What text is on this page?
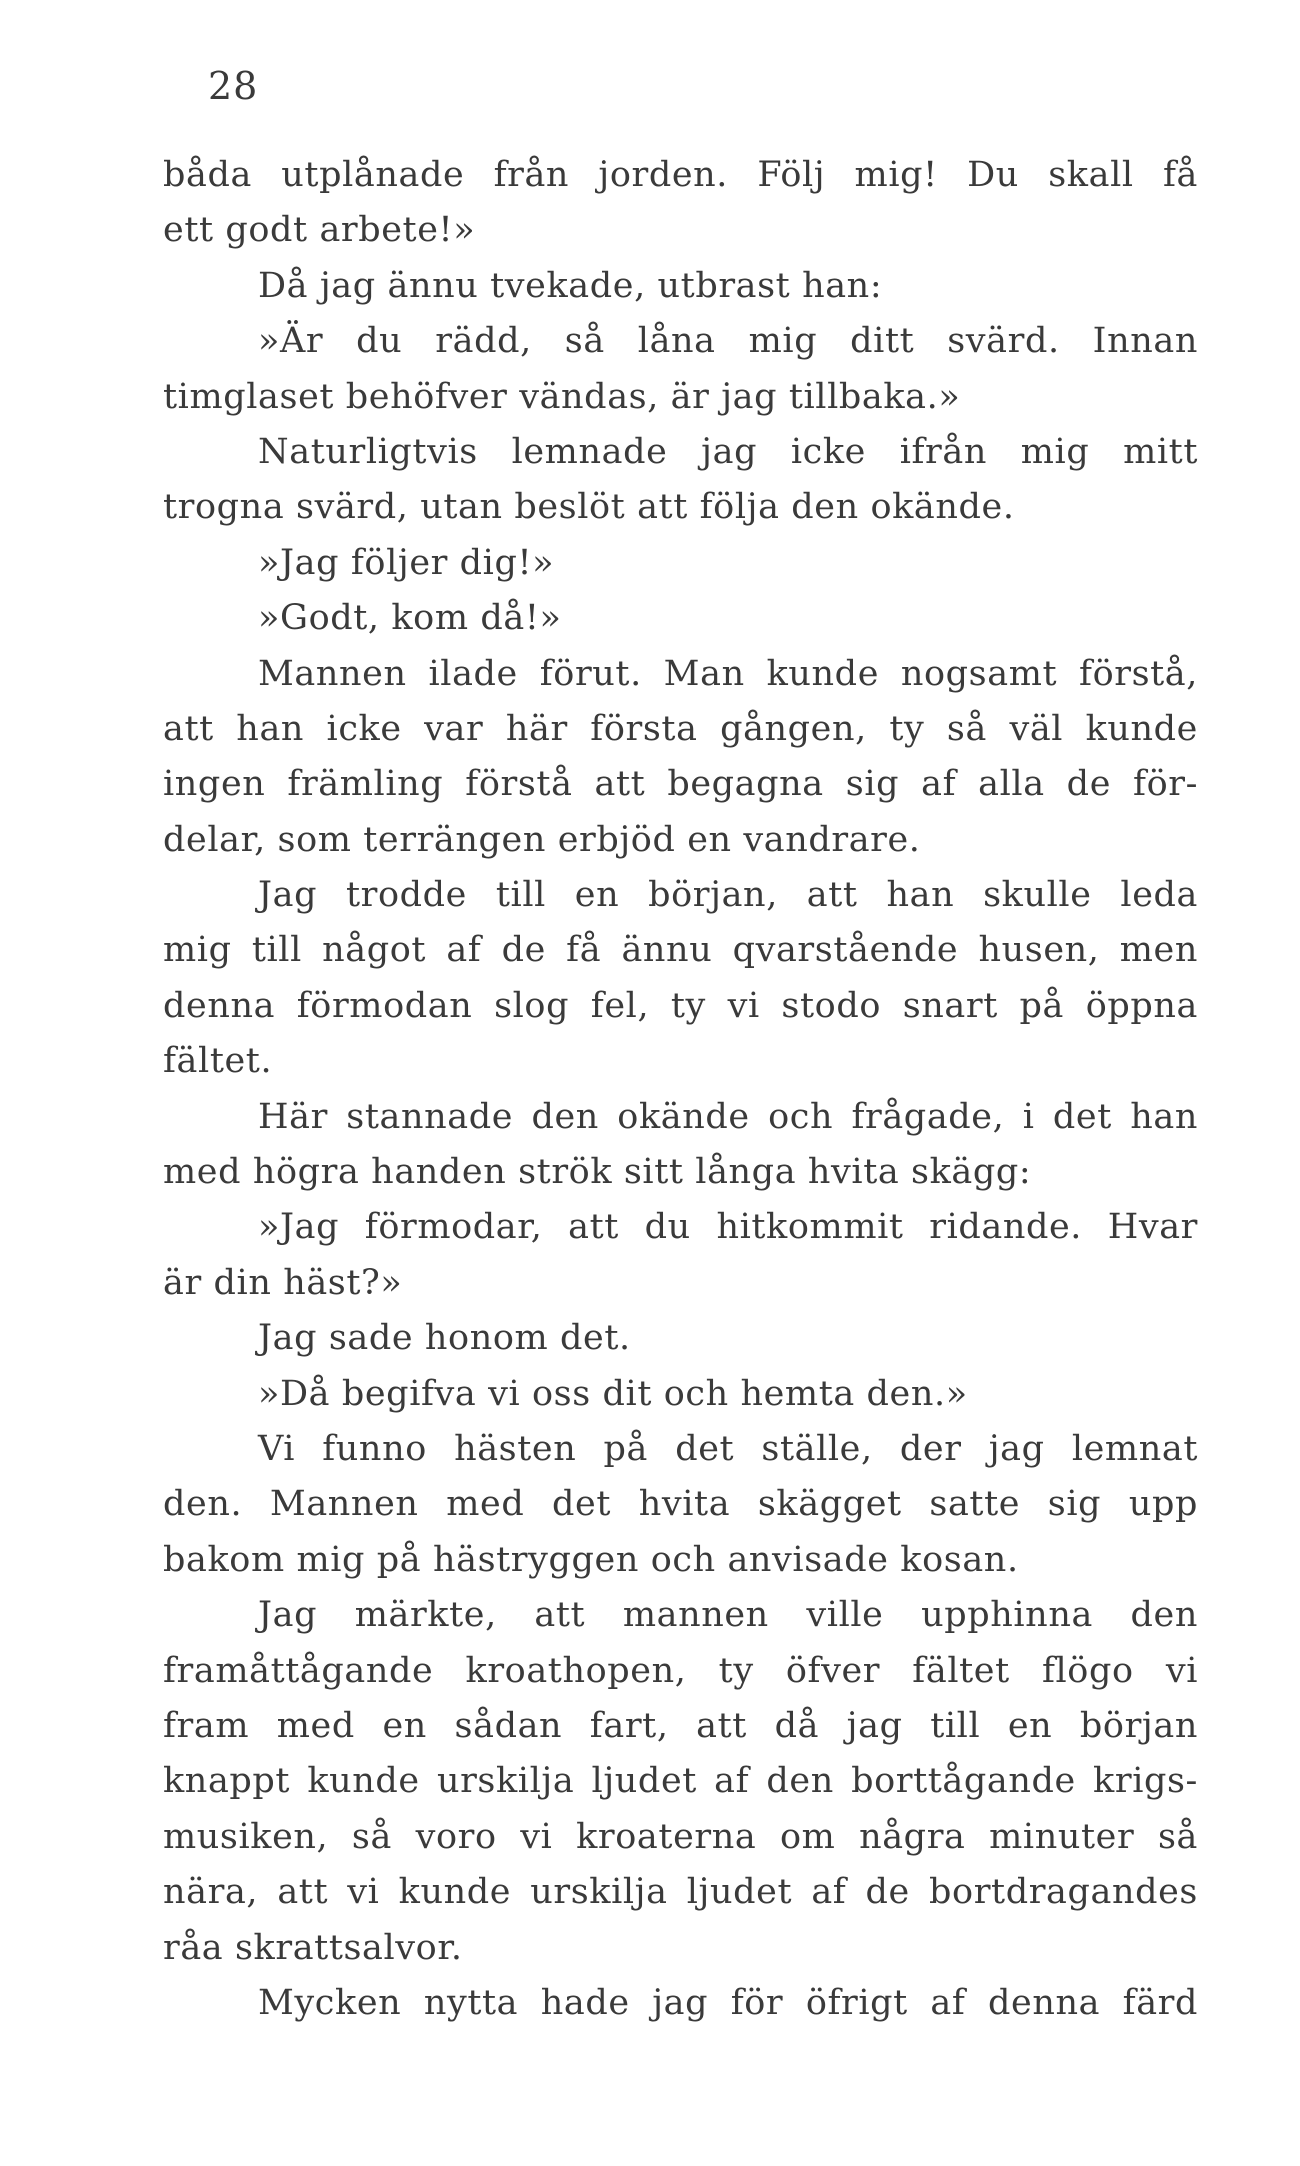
28
båda utplånade från jorden. Följ mig! Du skall få
ett godt arbete!»
Då jag ännu tvekade, utbrast han:
»Är du rädd, så låna mig ditt svärd. Innan
timglaset behöfver vändas, är jag tillbaka.»
Naturligtvis lemnade jag icke ifrån mig mitt
trogna svärd, utan beslöt att följa den okände.
»Jag följer dig!»
»Godt, kom då!»
Mannen ilade förut. Man kunde nogsamt förstå,
att han icke var här första gången, ty så väl kunde
ingen främling förstå att begagna sig af alla de för-
delar, som terrängen erbjöd en vandrare.
Jag trodde till en början, att han skulle leda
mig till något af de få ännu qvarstående husen, men
denna förmodan slog fel, ty vi stodo snart på öppna
fältet.
Här stannade den okände och frågade, i det han
med högra handen strök sitt långa hvita skägg:
»Jag förmodar, att du hitkommit ridande. Hvar
är din häst?»
Jag sade honom det.
»Då begifva vi oss dit och hemta den.»
Vi funno hästen på det ställe, der jag lemnat
den. Mannen med det hvita skägget satte sig upp
bakom mig på hästryggen och anvisade kosan.
Jag märkte, att mannen ville upphinna den
framåttågande kroathopen, ty öfver fältet flögo vi
fram med en sådan fart, att då jag till en början
knappt kunde urskilja ljudet af den borttågande krigs-
musiken, så voro vi kroaterna om några minuter så
nära, att vi kunde urskilja ljudet af de bortdragandes
råa skrattsalvor.
Mycken nytta hade jag för öfrigt af denna färd
